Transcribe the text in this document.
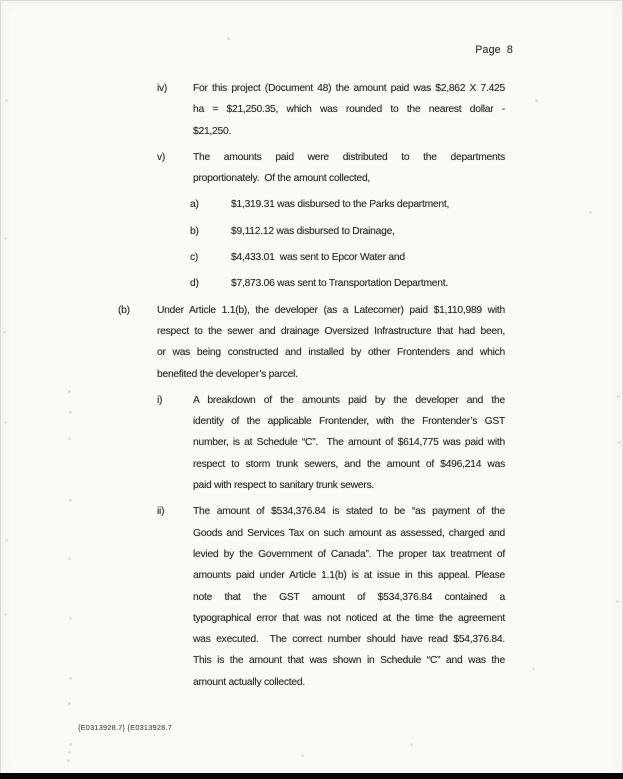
Page 8
iv)	For this project (Document 48) the amount paid was $2,862 X 7.425
ha = $21,250.35, which was rounded to the nearest dollar -
$21,250.
v)	The amounts paid were distributed to the departments
proportionately.  Of the amount collected,
a)	$1,319.31 was disbursed to the Parks department,
b)	$9,112.12 was disbursed to Drainage,
c)	$4,433.01  was sent to Epcor Water and
d)	$7,873.06 was sent to Transportation Department.
(b)	Under Article 1.1(b), the developer (as a Latecomer) paid $1,110,989 with
respect to the sewer and drainage Oversized Infrastructure that had been,
or was being constructed and installed by other Frontenders and which
benefited the developer’s parcel.
i)	A breakdown of the amounts paid by the developer and the
identity of the applicable Frontender, with the Frontender’s GST
number, is at Schedule “C”.  The amount of $614,775 was paid with
respect to storm trunk sewers, and the amount of $496,214 was
paid with respect to sanitary trunk sewers.
ii)	The amount of $534,376.84 is stated to be “as payment of the
Goods and Services Tax on such amount as assessed, charged and
levied by the Government of Canada”. The proper tax treatment of
amounts paid under Article 1.1(b) is at issue in this appeal. Please
note that the GST amount of $534,376.84 contained a
typographical error that was not noticed at the time the agreement
was executed.  The correct number should have read $54,376.84.
This is the amount that was shown in Schedule “C” and was the
amount actually collected.
{E0313928.7} {E0313928.7
